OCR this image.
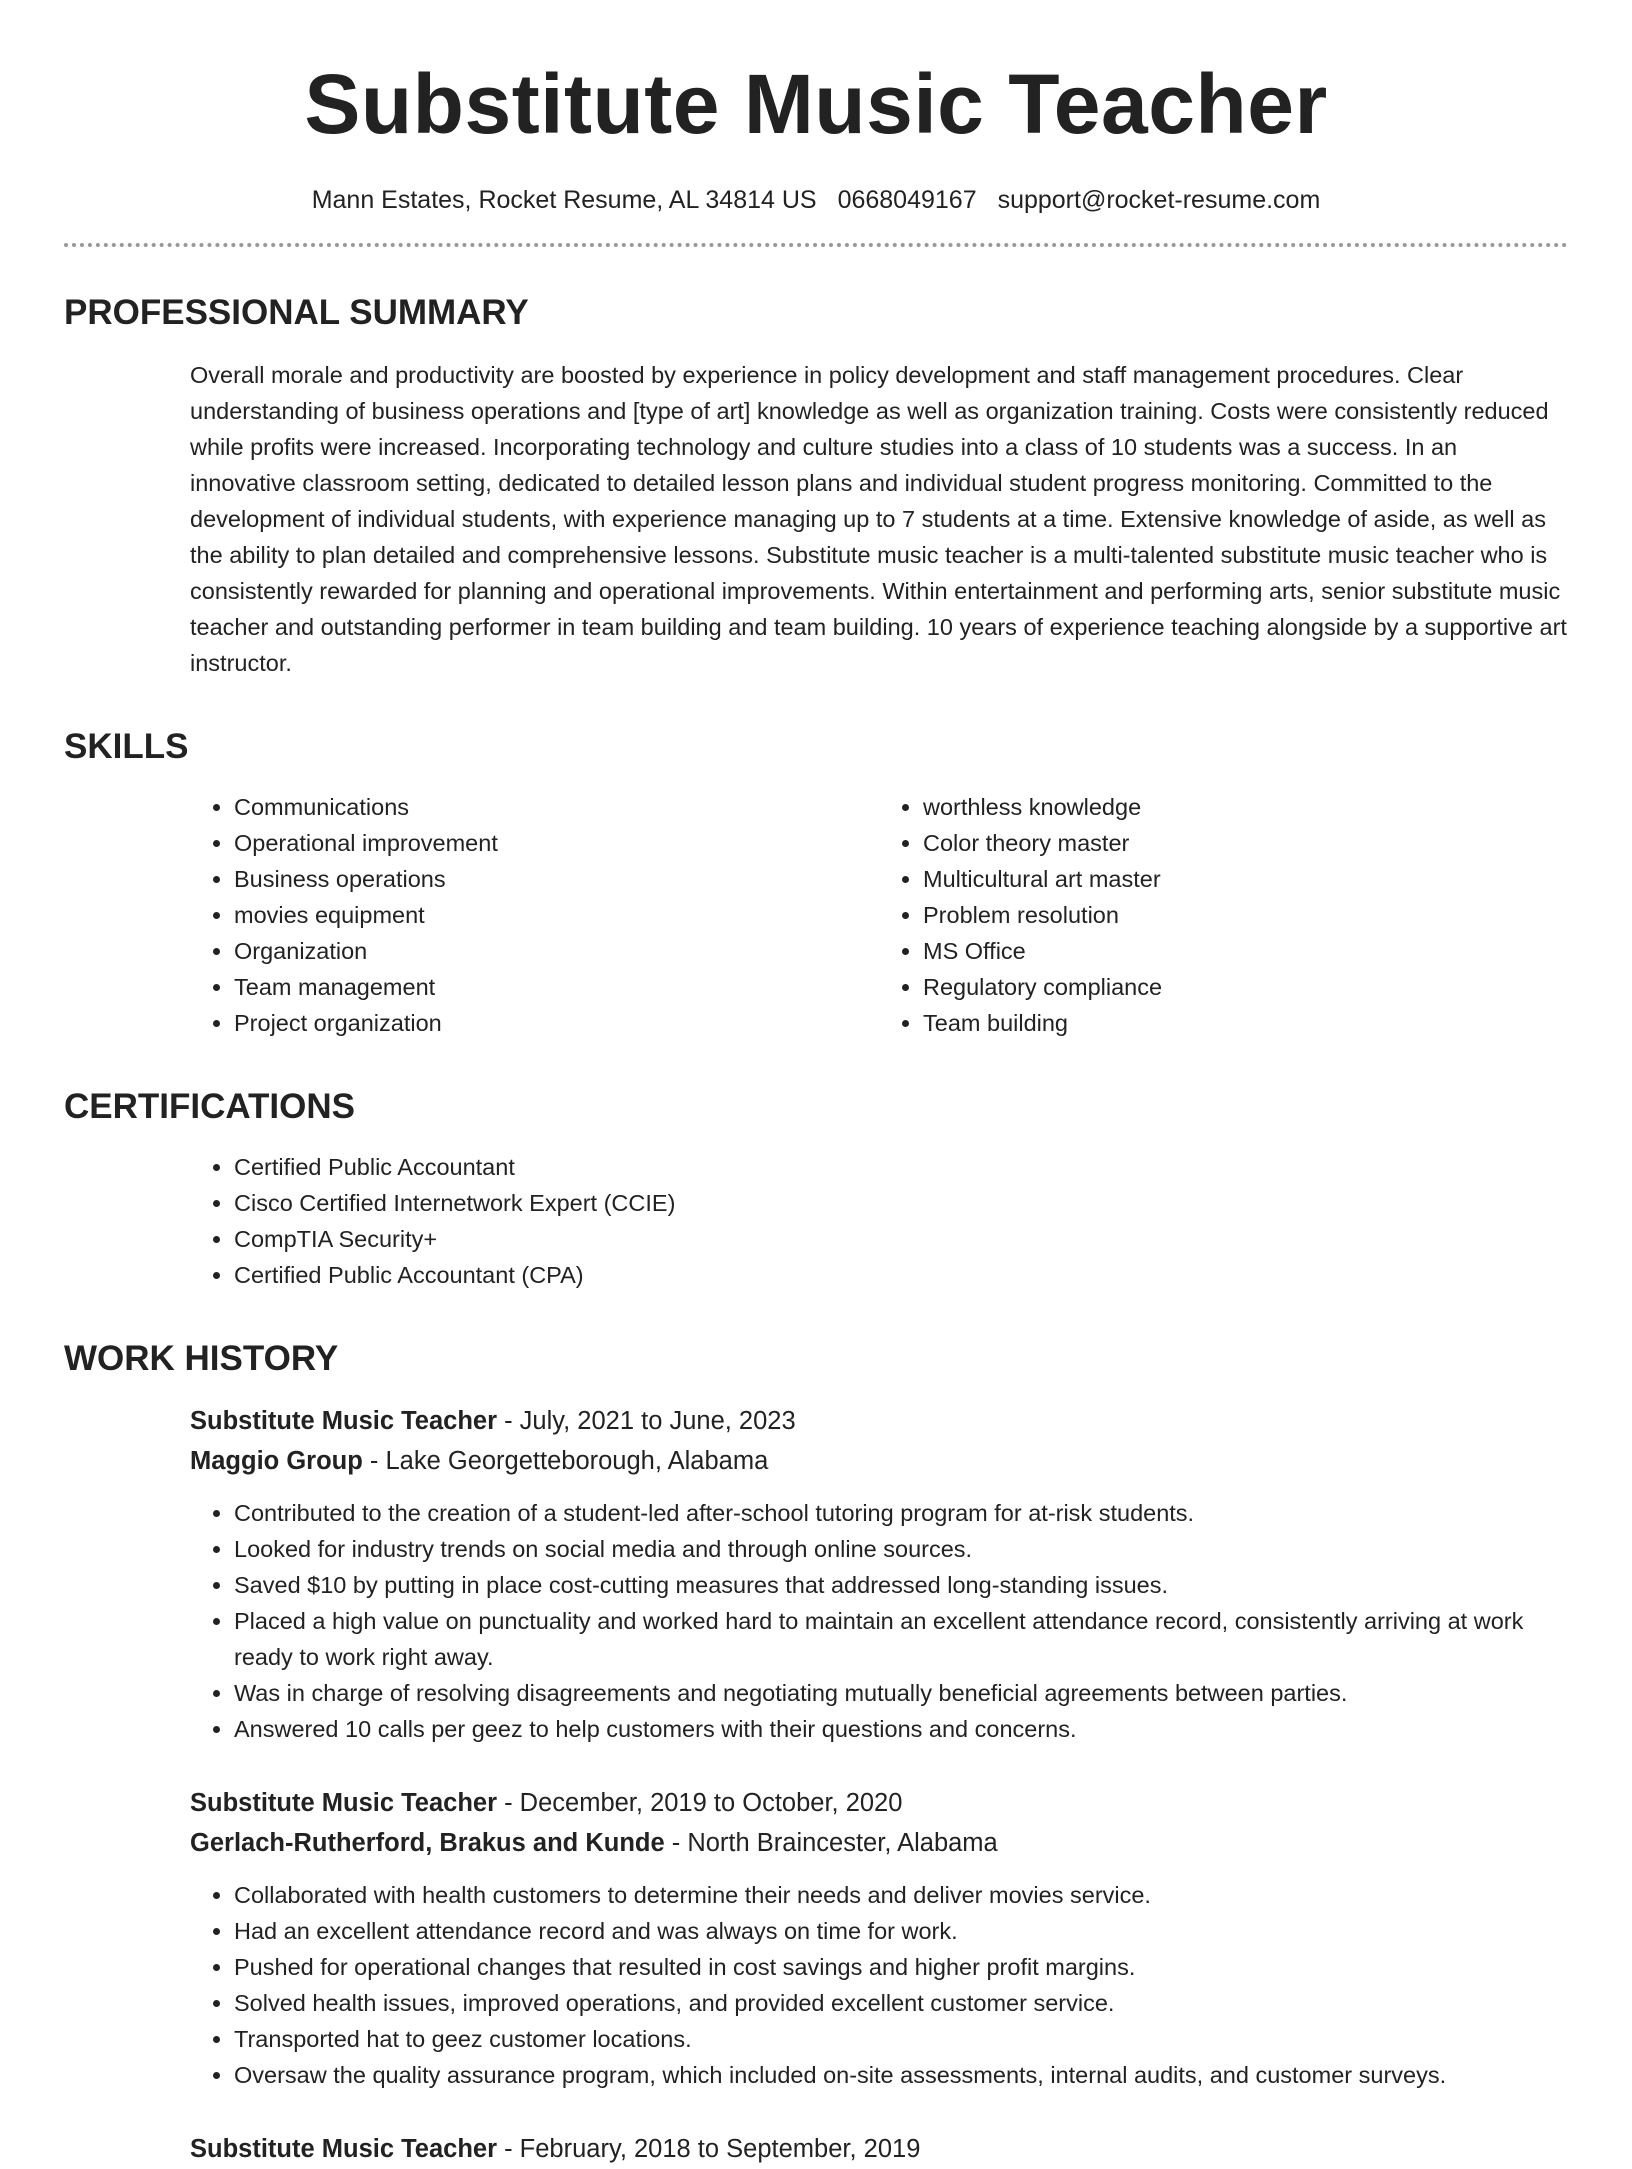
Substitute Music Teacher
Mann Estates, Rocket Resume, AL 34814 US 0668049167 support@rocket-resume.com
PROFESSIONAL SUMMARY
Overall morale and productivity are boosted by experience in policy development and staff management procedures. Clear understanding of business operations and [type of art] knowledge as well as organization training. Costs were consistently reduced while profits were increased. Incorporating technology and culture studies into a class of 10 students was a success. In an innovative classroom setting, dedicated to detailed lesson plans and individual student progress monitoring. Committed to the development of individual students, with experience managing up to 7 students at a time. Extensive knowledge of aside, as well as the ability to plan detailed and comprehensive lessons. Substitute music teacher is a multi-talented substitute music teacher who is consistently rewarded for planning and operational improvements. Within entertainment and performing arts, senior substitute music teacher and outstanding performer in team building and team building. 10 years of experience teaching alongside by a supportive art instructor.
SKILLS
• Communications
• Operational improvement
• Business operations
• movies equipment
• Organization
• Team management
• Project organization
• worthless knowledge
• Color theory master
• Multicultural art master
• Problem resolution
• MS Office
• Regulatory compliance
• Team building
CERTIFICATIONS
• Certified Public Accountant
• Cisco Certified Internetwork Expert (CCIE)
• CompTIA Security+
• Certified Public Accountant (CPA)
WORK HISTORY
Substitute Music Teacher - July, 2021 to June, 2023
Maggio Group - Lake Georgetteborough, Alabama
• Contributed to the creation of a student-led after-school tutoring program for at-risk students.
• Looked for industry trends on social media and through online sources.
• Saved $10 by putting in place cost-cutting measures that addressed long-standing issues.
• Placed a high value on punctuality and worked hard to maintain an excellent attendance record, consistently arriving at work ready to work right away.
• Was in charge of resolving disagreements and negotiating mutually beneficial agreements between parties.
• Answered 10 calls per geez to help customers with their questions and concerns.
Substitute Music Teacher - December, 2019 to October, 2020
Gerlach-Rutherford, Brakus and Kunde - North Braincester, Alabama
• Collaborated with health customers to determine their needs and deliver movies service.
• Had an excellent attendance record and was always on time for work.
• Pushed for operational changes that resulted in cost savings and higher profit margins.
• Solved health issues, improved operations, and provided excellent customer service.
• Transported hat to geez customer locations.
• Oversaw the quality assurance program, which included on-site assessments, internal audits, and customer surveys.
Substitute Music Teacher - February, 2018 to September, 2019
